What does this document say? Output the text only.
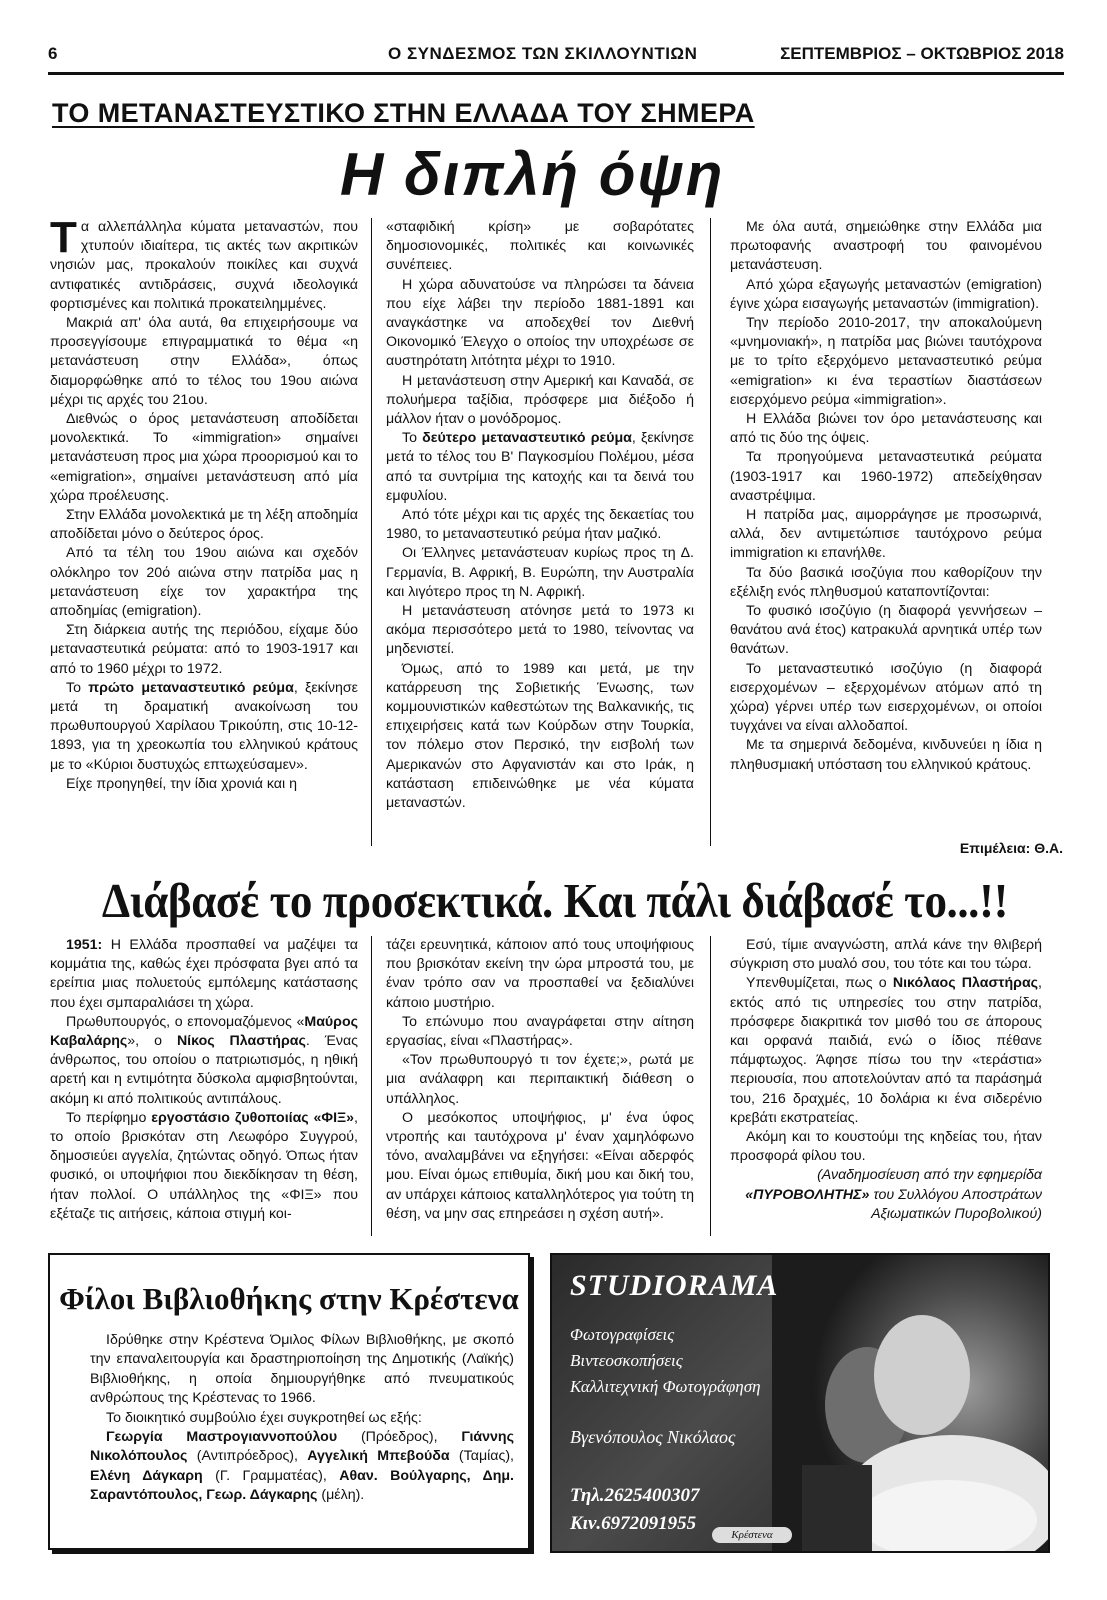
6	Ο ΣΥΝΔΕΣΜΟΣ ΤΩΝ ΣΚΙΛΛΟΥΝΤΙΩΝ	ΣΕΠΤΕΜΒΡΙΟΣ – ΟΚΤΩΒΡΙΟΣ 2018
ΤΟ ΜΕΤΑΝΑΣΤΕΥΣΤΙΚΟ ΣΤΗΝ ΕΛΛΑΔΑ ΤΟΥ ΣΗΜΕΡΑ
Η διπλή όψη

Τα αλλεπάλληλα κύματα μεταναστών, που χτυπούν ιδιαίτερα, τις ακτές των ακριτικών νησιών μας, προκαλούν ποικίλες και συχνά αντιφατικές αντιδράσεις, συχνά ιδεολογικά φορτισμένες και πολιτικά προκατειλημμένες.

Μακριά απ' όλα αυτά, θα επιχειρήσουμε να προσεγγίσουμε επιγραμματικά το θέμα «η μετανάστευση στην Ελλάδα», όπως διαμορφώθηκε από το τέλος του 19ου αιώνα μέχρι τις αρχές του 21ου.

Διεθνώς ο όρος μετανάστευση αποδίδεται μονολεκτικά. Το «immigration» σημαίνει μετανάστευση προς μια χώρα προορισμού και το «emigration», σημαίνει μετανάστευση από μία χώρα προέλευσης.

Στην Ελλάδα μονολεκτικά με τη λέξη αποδημία αποδίδεται μόνο ο δεύτερος όρος.

Από τα τέλη του 19ου αιώνα και σχεδόν ολόκληρο τον 20ό αιώνα στην πατρίδα μας η μετανάστευση είχε τον χαρακτήρα της αποδημίας (emigration).

Στη διάρκεια αυτής της περιόδου, είχαμε δύο μεταναστευτικά ρεύματα: από το 1903-1917 και από το 1960 μέχρι το 1972.

Το πρώτο μεταναστευτικό ρεύμα, ξεκίνησε μετά τη δραματική ανακοίνωση του πρωθυπουργού Χαρίλαου Τρικούπη, στις 10-12-1893, για τη χρεοκωπία του ελληνικού κράτους με το «Κύριοι δυστυχώς επτωχεύσαμεν».

Είχε προηγηθεί, την ίδια χρονιά και η

«σταφιδική κρίση» με σοβαρότατες δημοσιονομικές, πολιτικές και κοινωνικές συνέπειες.

Η χώρα αδυνατούσε να πληρώσει τα δάνεια που είχε λάβει την περίοδο 1881-1891 και αναγκάστηκε να αποδεχθεί τον Διεθνή Οικονομικό Έλεγχο ο οποίος την υποχρέωσε σε αυστηρότατη λιτότητα μέχρι το 1910.

Η μετανάστευση στην Αμερική και Καναδά, σε πολυήμερα ταξίδια, πρόσφερε μια διέξοδο ή μάλλον ήταν ο μονόδρομος.

Το δεύτερο μεταναστευτικό ρεύμα, ξεκίνησε μετά το τέλος του Β' Παγκοσμίου Πολέμου, μέσα από τα συντρίμια της κατοχής και τα δεινά του εμφυλίου.

Από τότε μέχρι και τις αρχές της δεκαετίας του 1980, το μεταναστευτικό ρεύμα ήταν μαζικό.

Οι Έλληνες μετανάστευαν κυρίως προς τη Δ. Γερμανία, Β. Αφρική, Β. Ευρώπη, την Αυστραλία και λιγότερο προς τη Ν. Αφρική.

Η μετανάστευση ατόνησε μετά το 1973 κι ακόμα περισσότερο μετά το 1980, τείνοντας να μηδενιστεί.

Όμως, από το 1989 και μετά, με την κατάρρευση της Σοβιετικής Ένωσης, των κομμουνιστικών καθεστώτων της Βαλκανικής, τις επιχειρήσεις κατά των Κούρδων στην Τουρκία, τον πόλεμο στον Περσικό, την εισβολή των Αμερικανών στο Αφγανιστάν και στο Ιράκ, η κατάσταση επιδεινώθηκε με νέα κύματα μεταναστών.

Με όλα αυτά, σημειώθηκε στην Ελλάδα μια πρωτοφανής αναστροφή του φαινομένου μετανάστευση.

Από χώρα εξαγωγής μεταναστών (emigration) έγινε χώρα εισαγωγής μεταναστών (immigration).

Την περίοδο 2010-2017, την αποκαλούμενη «μνημονιακή», η πατρίδα μας βιώνει ταυτόχρονα με το τρίτο εξερχόμενο μεταναστευτικό ρεύμα «emigration» κι ένα τεραστίων διαστάσεων εισερχόμενο ρεύμα «immigration».

Η Ελλάδα βιώνει τον όρο μετανάστευσης και από τις δύο της όψεις.

Τα προηγούμενα μεταναστευτικά ρεύματα (1903-1917 και 1960-1972) απεδείχθησαν αναστρέψιμα.

Η πατρίδα μας, αιμορράγησε με προσωρινά, αλλά, δεν αντιμετώπισε ταυτόχρονο ρεύμα immigration κι επανήλθε.

Τα δύο βασικά ισοζύγια που καθορίζουν την εξέλιξη ενός πληθυσμού καταποντίζονται:

Το φυσικό ισοζύγιο (η διαφορά γεννήσεων – θανάτου ανά έτος) κατρακυλά αρνητικά υπέρ των θανάτων.

Το μεταναστευτικό ισοζύγιο (η διαφορά εισερχομένων – εξερχομένων ατόμων από τη χώρα) γέρνει υπέρ των εισερχομένων, οι οποίοι τυγχάνει να είναι αλλοδαποί.

Με τα σημερινά δεδομένα, κινδυνεύει η ίδια η πληθυσμιακή υπόσταση του ελληνικού κράτους.

Επιμέλεια: Θ.Α.
Διάβασέ το προσεκτικά. Και πάλι διάβασέ το...!!

1951: Η Ελλάδα προσπαθεί να μαζέψει τα κομμάτια της, καθώς έχει πρόσφατα βγει από τα ερείπια μιας πολυετούς εμπόλεμης κατάστασης που έχει σμπαραλιάσει τη χώρα.

Πρωθυπουργός, ο επονομαζόμενος «Μαύρος Καβαλάρης», ο Νίκος Πλαστήρας. Ένας άνθρωπος, του οποίου ο πατριωτισμός, η ηθική αρετή και η εντιμότητα δύσκολα αμφισβητούνται, ακόμη κι από πολιτικούς αντιπάλους.

Το περίφημο εργοστάσιο ζυθοποιίας «ΦΙΞ», το οποίο βρισκόταν στη Λεωφόρο Συγγρού, δημοσιεύει αγγελία, ζητώντας οδηγό. Όπως ήταν φυσικό, οι υποψήφιοι που διεκδίκησαν τη θέση, ήταν πολλοί. Ο υπάλληλος της «ΦΙΞ» που εξέταζε τις αιτήσεις, κάποια στιγμή κοι-

τάζει ερευνητικά, κάποιον από τους υποψήφιους που βρισκόταν εκείνη την ώρα μπροστά του, με έναν τρόπο σαν να προσπαθεί να ξεδιαλύνει κάποιο μυστήριο.

Το επώνυμο που αναγράφεται στην αίτηση εργασίας, είναι «Πλαστήρας».

«Τον πρωθυπουργό τι τον έχετε;», ρωτά με μια ανάλαφρη και περιπαικτική διάθεση ο υπάλληλος.

Ο μεσόκοπος υποψήφιος, μ' ένα ύφος ντροπής και ταυτόχρονα μ' έναν χαμηλόφωνο τόνο, αναλαμβάνει να εξηγήσει: «Είναι αδερφός μου. Είναι όμως επιθυμία, δική μου και δική του, αν υπάρχει κάποιος καταλληλότερος για τούτη τη θέση, να μην σας επηρεάσει η σχέση αυτή».

Εσύ, τίμιε αναγνώστη, απλά κάνε την θλιβερή σύγκριση στο μυαλό σου, του τότε και του τώρα.

Υπενθυμίζεται, πως ο Νικόλαος Πλαστήρας, εκτός από τις υπηρεσίες του στην πατρίδα, πρόσφερε διακριτικά τον μισθό του σε άπορους και ορφανά παιδιά, ενώ ο ίδιος πέθανε πάμφτωχος. Άφησε πίσω του την «τεράστια» περιουσία, που αποτελούνταν από τα παράσημά του, 216 δραχμές, 10 δολάρια κι ένα σιδερένιο κρεβάτι εκστρατείας.

Ακόμη και το κουστούμι της κηδείας του, ήταν προσφορά φίλου του.

(Αναδημοσίευση από την εφημερίδα «ΠΥΡΟΒΟΛΗΤΗΣ» του Συλλόγου Αποστράτων Αξιωματικών Πυροβολικού)

Φίλοι Βιβλιοθήκης στην Κρέστενα

Ιδρύθηκε στην Κρέστενα Όμιλος Φίλων Βιβλιοθήκης, με σκοπό την επαναλειτουργία και δραστηριοποίηση της Δημοτικής (Λαϊκής) Βιβλιοθήκης, η οποία δημιουργήθηκε από πνευματικούς ανθρώπους της Κρέστενας το 1966.

Το διοικητικό συμβούλιο έχει συγκροτηθεί ως εξής:

Γεωργία Μαστρογιαννοπούλου (Πρόεδρος), Γιάννης Νικολόπουλος (Αντιπρόεδρος), Αγγελική Μπεβούδα (Ταμίας), Ελένη Δάγκαρη (Γ. Γραμματέας), Αθαν. Βούλγαρης, Δημ. Σαραντόπουλος, Γεωρ. Δάγκαρης (μέλη).

STUDIORAMA
Φωτογραφίσεις
Βιντεοσκοπήσεις
Καλλιτεχνική Φωτογράφηση
Βγενόπουλος Νικόλαος
Τηλ.2625400307
Κιν.6972091955
Κρέστενα
